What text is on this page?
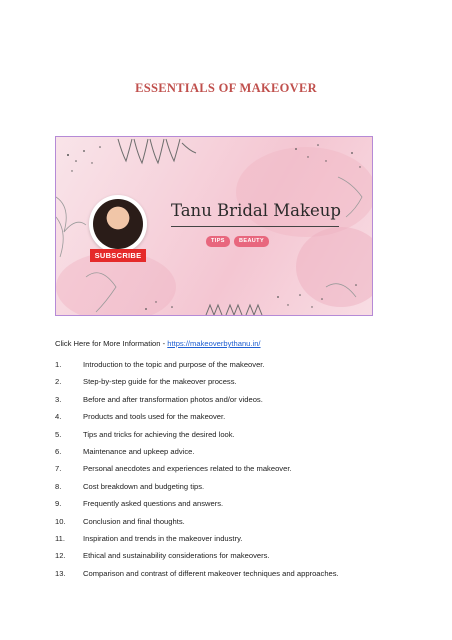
ESSENTIALS OF MAKEOVER
SUBSCRIBE
Tanu Bridal Makeup
TIPS	BEAUTY

Click Here for More Information - https://makeoverbythanu.in/

1.	Introduction to the topic and purpose of the makeover.
2.	Step-by-step guide for the makeover process.
3.	Before and after transformation photos and/or videos.
4.	Products and tools used for the makeover.
5.	Tips and tricks for achieving the desired look.
6.	Maintenance and upkeep advice.
7.	Personal anecdotes and experiences related to the makeover.
8.	Cost breakdown and budgeting tips.
9.	Frequently asked questions and answers.
10. Conclusion and final thoughts.
11. Inspiration and trends in the makeover industry.
12. Ethical and sustainability considerations for makeovers.
13. Comparison and contrast of different makeover techniques and approaches.
